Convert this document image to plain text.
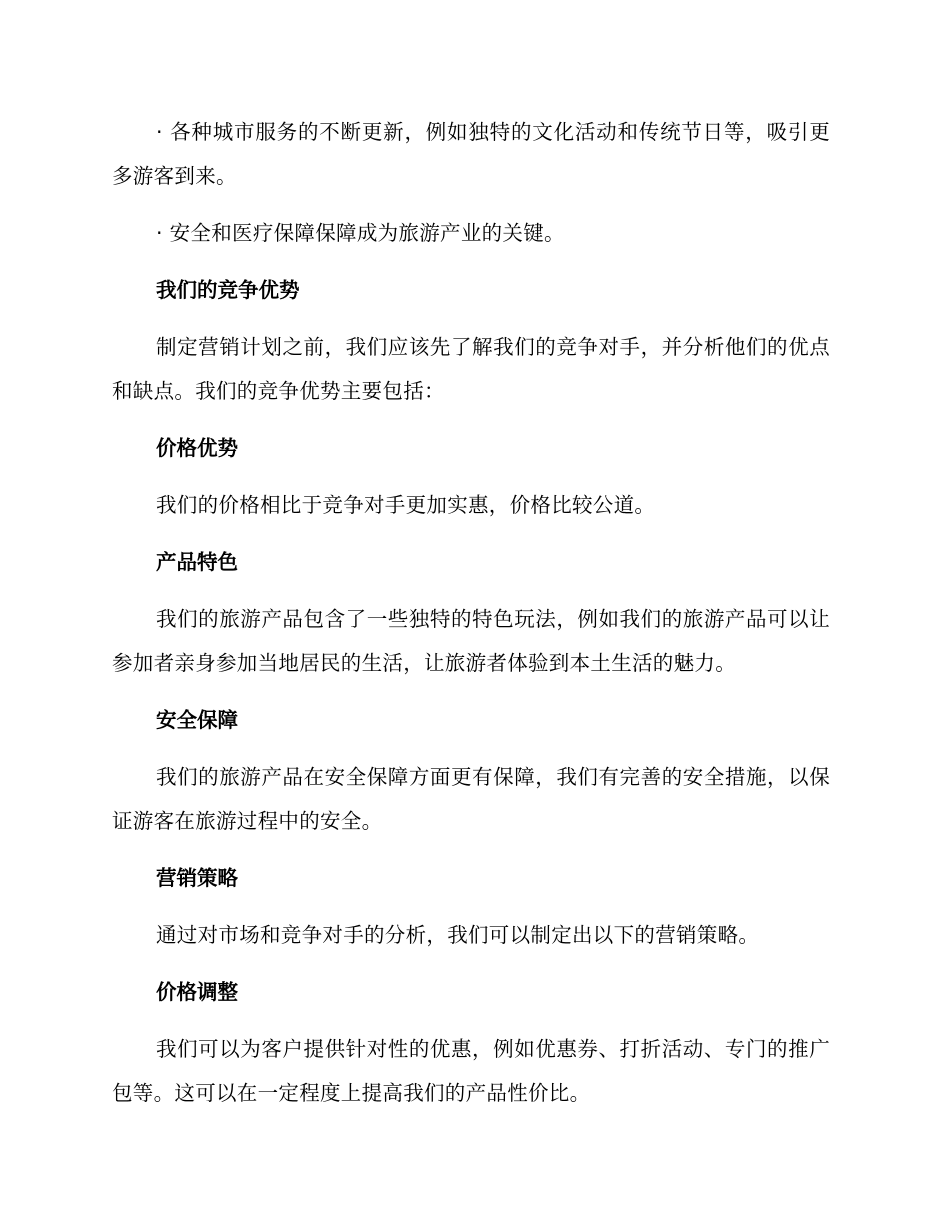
· 各种城市服务的不断更新，例如独特的文化活动和传统节日等，吸引更多游客到来。

· 安全和医疗保障保障成为旅游产业的关键。

我们的竞争优势

制定营销计划之前，我们应该先了解我们的竞争对手，并分析他们的优点和缺点。我们的竞争优势主要包括：

价格优势

我们的价格相比于竞争对手更加实惠，价格比较公道。

产品特色

我们的旅游产品包含了一些独特的特色玩法，例如我们的旅游产品可以让参加者亲身参加当地居民的生活，让旅游者体验到本土生活的魅力。

安全保障

我们的旅游产品在安全保障方面更有保障，我们有完善的安全措施，以保证游客在旅游过程中的安全。

营销策略

通过对市场和竞争对手的分析，我们可以制定出以下的营销策略。

价格调整

我们可以为客户提供针对性的优惠，例如优惠券、打折活动、专门的推广包等。这可以在一定程度上提高我们的产品性价比。
